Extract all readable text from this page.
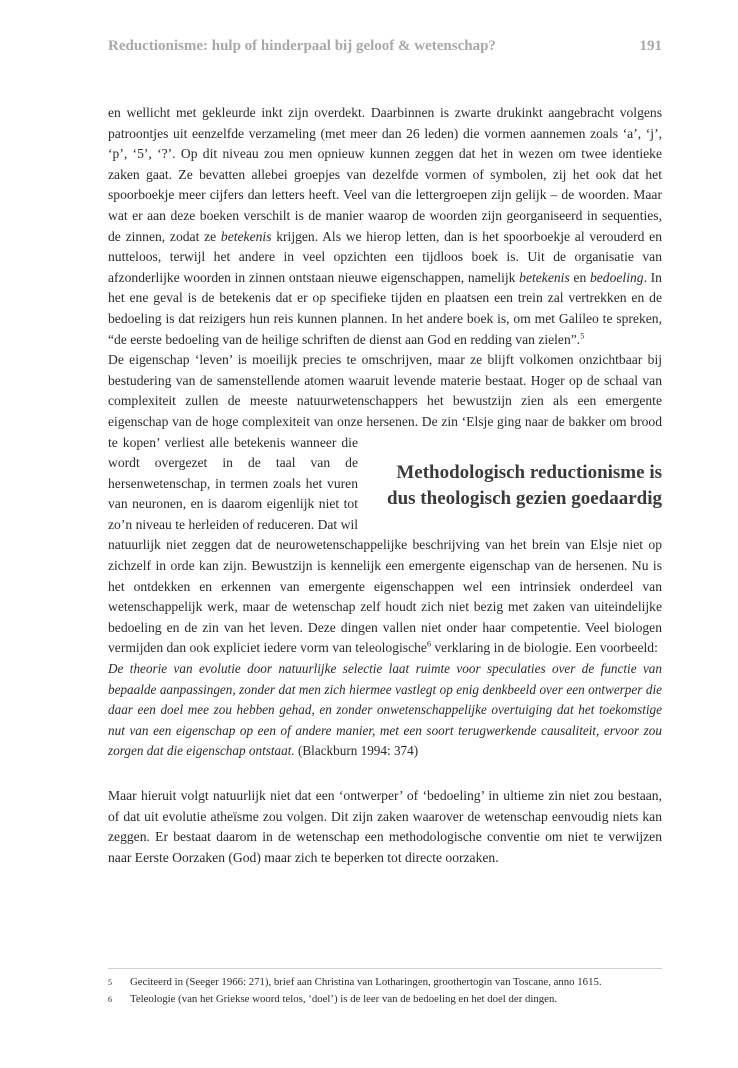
Reductionisme: hulp of hinderpaal bij geloof & wetenschap?	191

en wellicht met gekleurde inkt zijn overdekt. Daarbinnen is zwarte drukinkt aangebracht volgens patroontjes uit eenzelfde verzameling (met meer dan 26 leden) die vormen aannemen zoals ‘a’, ‘j’, ‘p’, ‘5’, ‘?’. Op dit niveau zou men opnieuw kunnen zeggen dat het in wezen om twee identieke zaken gaat. Ze bevatten allebei groepjes van dezelfde vormen of symbolen, zij het ook dat het spoorboekje meer cijfers dan letters heeft. Veel van die lettergroepen zijn gelijk – de woorden. Maar wat er aan deze boeken verschilt is de manier waarop de woorden zijn georganiseerd in sequenties, de zinnen, zodat ze betekenis krijgen. Als we hierop letten, dan is het spoorboekje al verouderd en nutteloos, terwijl het andere in veel opzichten een tijdloos boek is. Uit de organisatie van afzonderlijke woorden in zinnen ontstaan nieuwe eigenschappen, namelijk betekenis en bedoeling. In het ene geval is de betekenis dat er op specifieke tijden en plaatsen een trein zal vertrekken en de bedoeling is dat reizigers hun reis kunnen plannen. In het andere boek is, om met Galileo te spreken, “de eerste bedoeling van de heilige schriften de dienst aan God en redding van zielen”.$^5$

Methodologisch reductionisme is dus theologisch gezien goedaardig
De eigenschap ‘leven’ is moeilijk precies te omschrijven, maar ze blijft volkomen onzichtbaar bij bestudering van de samenstellende atomen waaruit levende materie bestaat. Hoger op de schaal van complexiteit zullen de meeste natuurwetenschappers het bewustzijn zien als een emergente eigenschap van de hoge complexiteit van onze hersenen. De zin ‘Elsje ging naar de bakker om brood te kopen’ verliest alle betekenis wanneer die wordt overgezet in de taal van de hersenwetenschap, in termen zoals het vuren van neuronen, en is daarom eigenlijk niet tot zo’n niveau te herleiden of reduceren. Dat wil natuurlijk niet zeggen dat de neurowetenschappelijke beschrijving van het brein van Elsje niet op zichzelf in orde kan zijn. Bewustzijn is kennelijk een emergente eigenschap van de hersenen. Nu is het ontdekken en erkennen van emergente eigenschappen wel een intrinsiek onderdeel van wetenschappelijk werk, maar de wetenschap zelf houdt zich niet bezig met zaken van uiteindelijke bedoeling en de zin van het leven. Deze dingen vallen niet onder haar competentie. Veel biologen vermijden dan ook expliciet iedere vorm van teleologische$^6$ verklaring in de biologie. Een voorbeeld:

De theorie van evolutie door natuurlijke selectie laat ruimte voor speculaties over de functie van bepaalde aanpassingen, zonder dat men zich hiermee vastlegt op enig denkbeeld over een ontwerper die daar een doel mee zou hebben gehad, en zonder onwetenschappelijke overtuiging dat het toekomstige nut van een eigenschap op een of andere manier, met een soort terugwerkende causaliteit, ervoor zou zorgen dat die eigenschap ontstaat. (Blackburn 1994: 374)

Maar hieruit volgt natuurlijk niet dat een ‘ontwerper’ of ‘bedoeling’ in ultieme zin niet zou bestaan, of dat uit evolutie atheïsme zou volgen. Dit zijn zaken waarover de wetenschap eenvoudig niets kan zeggen. Er bestaat daarom in de wetenschap een methodologische conventie om niet te verwijzen naar Eerste Oorzaken (God) maar zich te beperken tot directe oorzaken.

5	Geciteerd in (Seeger 1966: 271), brief aan Christina van Lotharingen, groothertogin van Toscane, anno 1615.
6	Teleologie (van het Griekse woord telos, ‘doel’) is de leer van de bedoeling en het doel der dingen.
